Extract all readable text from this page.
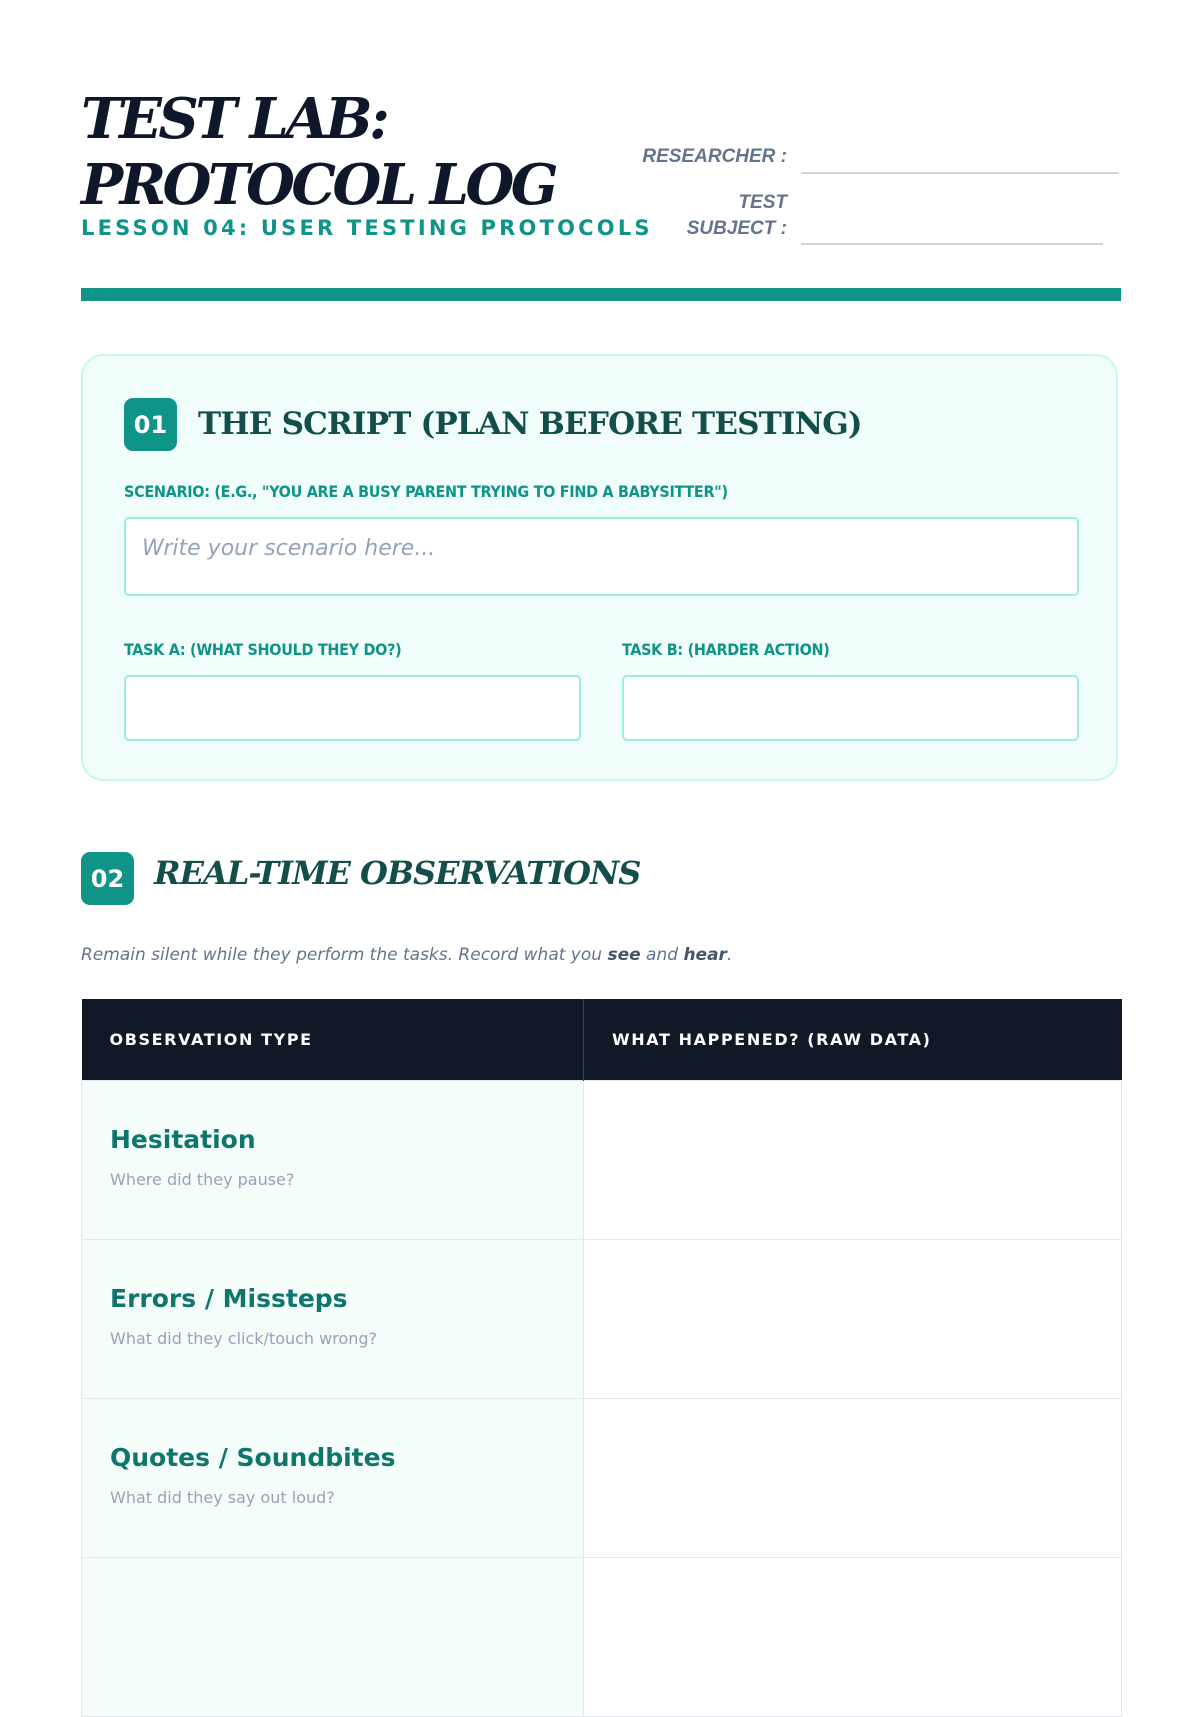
TEST LAB:
PROTOCOL LOG
LESSON 04: USER TESTING PROTOCOLS
RESEARCHER :
TEST
SUBJECT :
01 THE SCRIPT (PLAN BEFORE TESTING)
SCENARIO: (E.G., "YOU ARE A BUSY PARENT TRYING TO FIND A BABYSITTER")
Write your scenario here...
TASK A: (WHAT SHOULD THEY DO?)	TASK B: (HARDER ACTION)
02 REAL-TIME OBSERVATIONS
Remain silent while they perform the tasks. Record what you see and hear.
OBSERVATION TYPE	WHAT HAPPENED? (RAW DATA)

Hesitation
Where did they pause?	

Errors / Missteps
What did they click/touch wrong?	

Quotes / Soundbites
What did they say out loud?	
